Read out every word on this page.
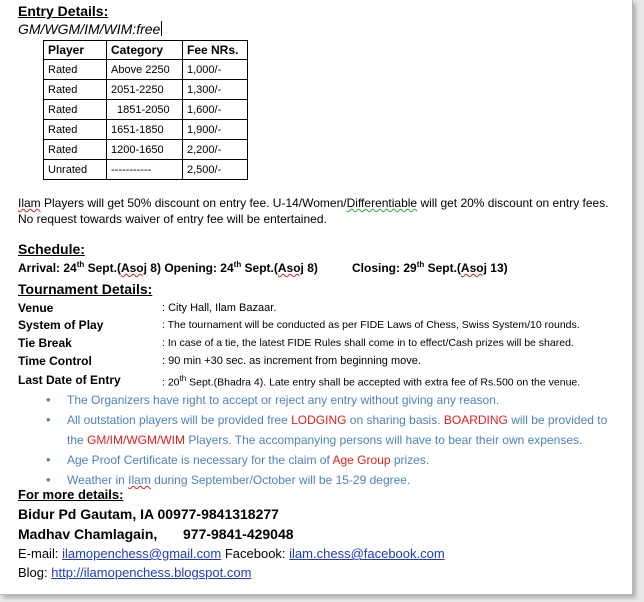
Entry Details:
GM/WGM/IM/WIM:free
Player	Category	Fee NRs.
Rated	Above 2250	1,000/-
Rated	2051-2250	1,300/-
Rated	1851-2050	1,600/-
Rated	1651-1850	1,900/-
Rated	1200-1650	2,200/-
Unrated	-----------	2,500/-
Ilam Players will get 50% discount on entry fee. U-14/Women/Differentiable will get 20% discount on entry fees.
No request towards waiver of entry fee will be entertained.
Schedule:
Arrival: 24th Sept.(Asoj 8) Opening: 24th Sept.(Asoj 8)	Closing: 29th Sept.(Asoj 13)
Tournament Details:
Venue	: City Hall, Ilam Bazaar.
System of Play	: The tournament will be conducted as per FIDE Laws of Chess, Swiss System/10 rounds.
Tie Break	: In case of a tie, the latest FIDE Rules shall come in to effect/Cash prizes will be shared.
Time Control	: 90 min +30 sec. as increment from beginning move.
Last Date of Entry	: 20th Sept.(Bhadra 4). Late entry shall be accepted with extra fee of Rs.500 on the venue.
• The Organizers have right to accept or reject any entry without giving any reason.
• All outstation players will be provided free LODGING on sharing basis. BOARDING will be provided to
the GM/IM/WGM/WIM Players. The accompanying persons will have to bear their own expenses.
• Age Proof Certificate is necessary for the claim of Age Group prizes.
• Weather in Ilam during September/October will be 15-29 degree.
For more details:
Bidur Pd Gautam, IA 00977-9841318277
Madhav Chamlagain, 977-9841-429048
E-mail: ilamopenchess@gmail.com Facebook: ilam.chess@facebook.com
Blog: http://ilamopenchess.blogspot.com
